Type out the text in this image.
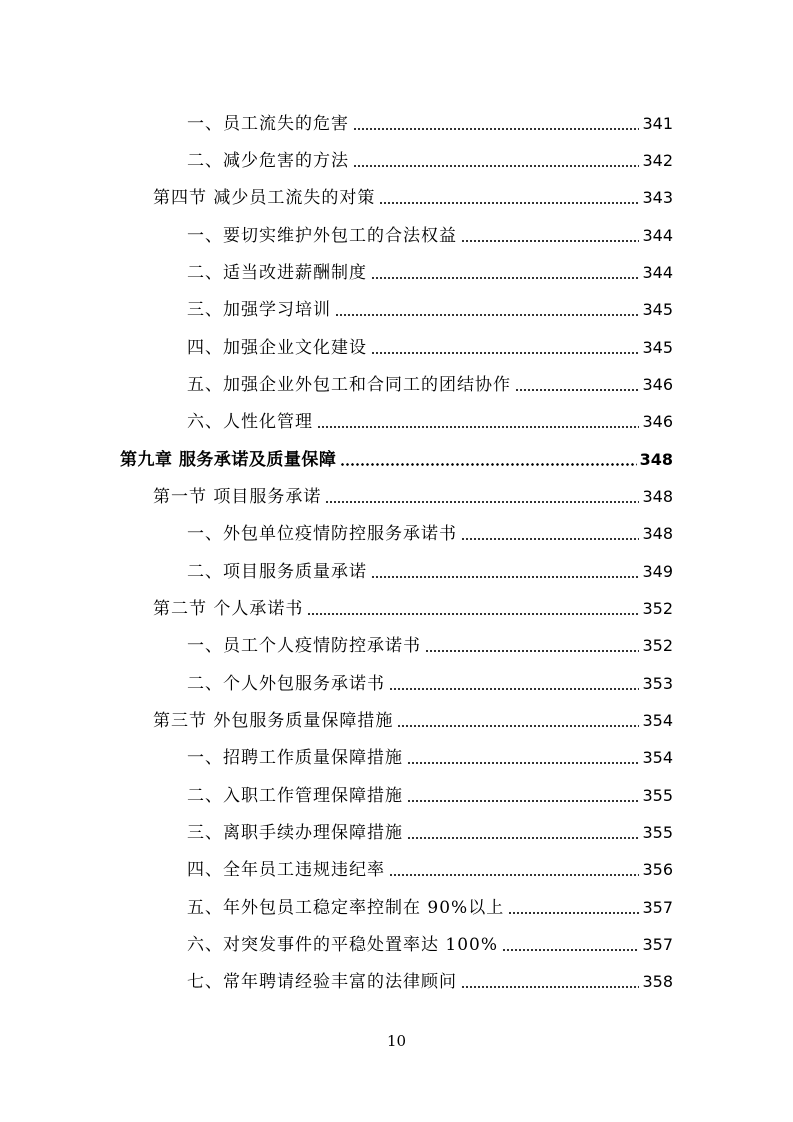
一、员工流失的危害	341
二、减少危害的方法	342
第四节 减少员工流失的对策	343
一、要切实维护外包工的合法权益	344
二、适当改进薪酬制度	344
三、加强学习培训	345
四、加强企业文化建设	345
五、加强企业外包工和合同工的团结协作	346
六、人性化管理	346
第九章 服务承诺及质量保障	348
第一节 项目服务承诺	348
一、外包单位疫情防控服务承诺书	348
二、项目服务质量承诺	349
第二节 个人承诺书	352
一、员工个人疫情防控承诺书	352
二、个人外包服务承诺书	353
第三节 外包服务质量保障措施	354
一、招聘工作质量保障措施	354
二、入职工作管理保障措施	355
三、离职手续办理保障措施	355
四、全年员工违规违纪率	356
五、年外包员工稳定率控制在 90%以上	357
六、对突发事件的平稳处置率达 100%	357
七、常年聘请经验丰富的法律顾问	358
10
